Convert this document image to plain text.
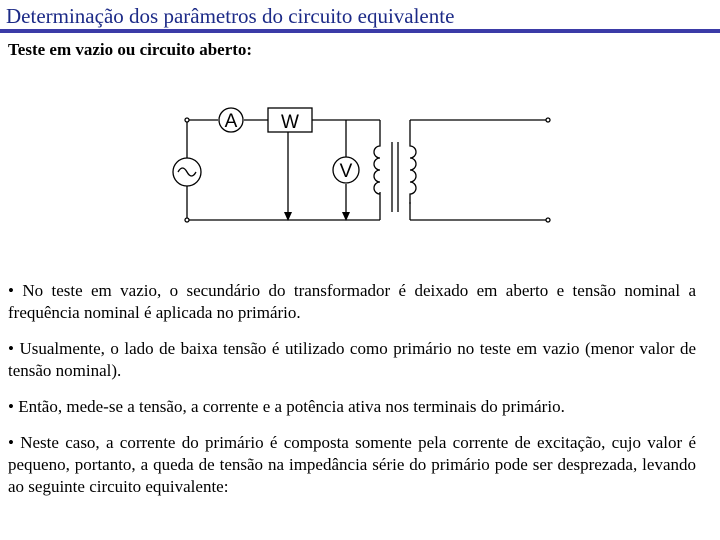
Determinação dos parâmetros do circuito equivalente
Teste em vazio ou circuito aberto:
A W
V

• No teste em vazio, o secundário do transformador é deixado em aberto e tensão nominal a frequência nominal é aplicada no primário.

• Usualmente, o lado de baixa tensão é utilizado como primário no teste em vazio (menor valor de tensão nominal).

• Então, mede-se a tensão, a corrente e a potência ativa nos terminais do primário.

• Neste caso, a corrente do primário é composta somente pela corrente de excitação, cujo valor é pequeno, portanto, a queda de tensão na impedância série do primário pode ser desprezada, levando ao seguinte circuito equivalente:
